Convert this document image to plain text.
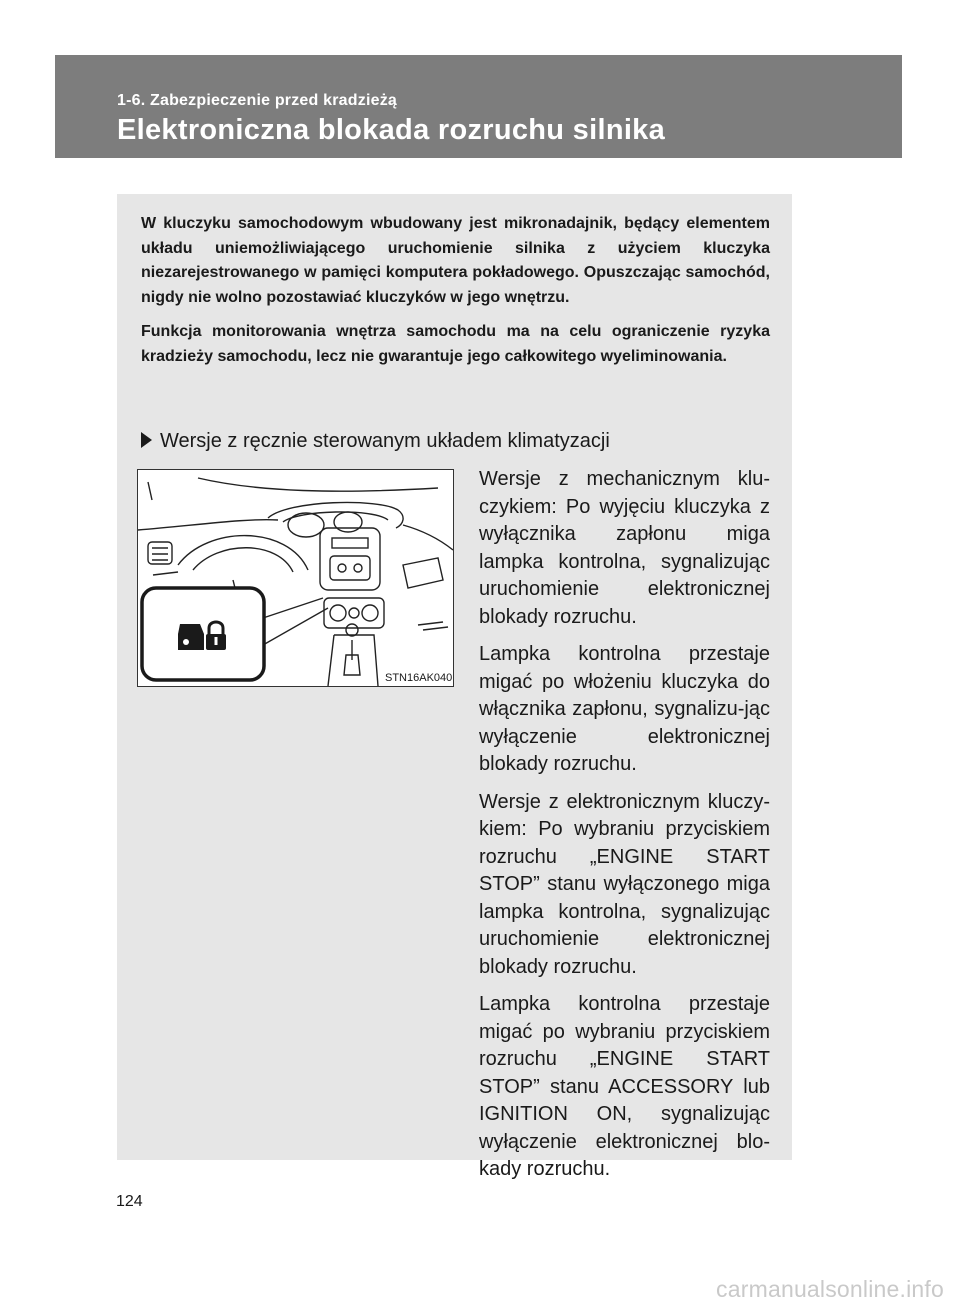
1-6. Zabezpieczenie przed kradzieżą
Elektroniczna blokada rozruchu silnika

W kluczyku samochodowym wbudowany jest mikronadajnik, będący elementem układu uniemożliwiającego uruchomienie silnika z użyciem kluczyka niezarejestrowanego w pamięci komputera pokładowego. Opuszczając samochód, nigdy nie wolno pozostawiać kluczyków w jego wnętrzu.

Funkcja monitorowania wnętrza samochodu ma na celu ograniczenie ryzyka kradzieży samochodu, lecz nie gwarantuje jego całkowitego wyeliminowania.

Wersje z ręcznie sterowanym układem klimatyzacji
STN16AK040

Wersje z mechanicznym klu-czykiem: Po wyjęciu kluczyka z wyłącznika zapłonu miga lampka kontrolna, sygnalizując uruchomienie elektronicznej blokady rozruchu.

Lampka kontrolna przestaje migać po włożeniu kluczyka do włącznika zapłonu, sygnalizu-jąc wyłączenie elektronicznej blokady rozruchu.

Wersje z elektronicznym kluczy-kiem: Po wybraniu przyciskiem rozruchu „ENGINE START STOP” stanu wyłączonego miga lampka kontrolna, sygnalizując uruchomienie elektronicznej blokady rozruchu.

Lampka kontrolna przestaje migać po wybraniu przyciskiem rozruchu „ENGINE START STOP” stanu ACCESSORY lub IGNITION ON, sygnalizując wyłączenie elektronicznej blo-kady rozruchu.

124
carmanualsonline.info
